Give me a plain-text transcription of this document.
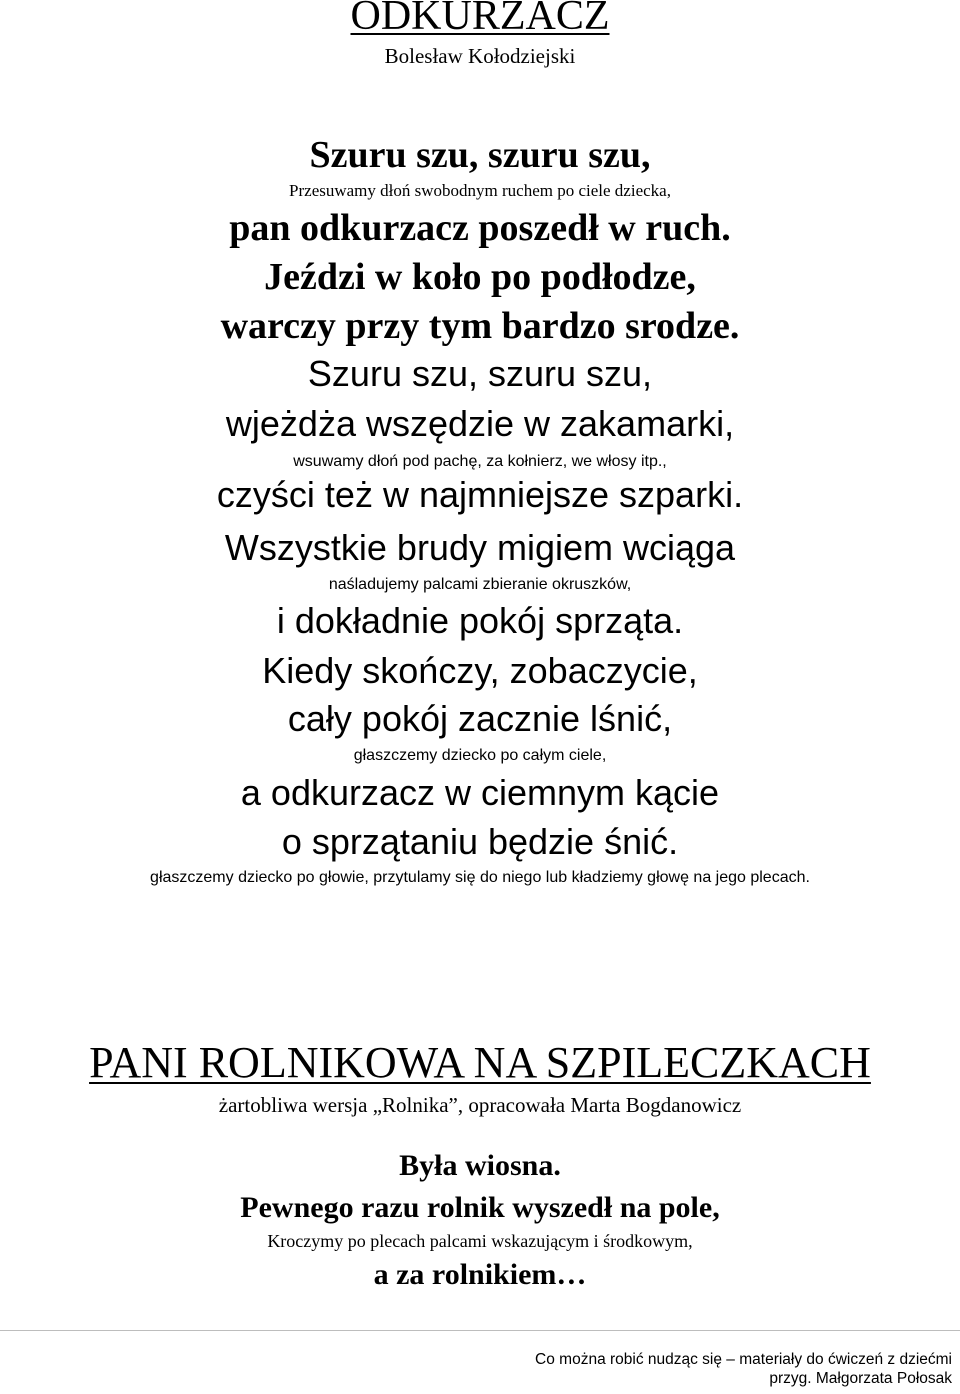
ODKURZACZ
Bolesław Kołodziejski
Szuru szu, szuru szu,
Przesuwamy dłoń swobodnym ruchem po ciele dziecka,
pan odkurzacz poszedł w ruch.
Jeździ w koło po podłodze,
warczy przy tym bardzo srodze.
Szuru szu, szuru szu,
wjeżdża wszędzie w zakamarki,
wsuwamy dłoń pod pachę, za kołnierz, we włosy itp.,
czyści też w najmniejsze szparki.
Wszystkie brudy migiem wciąga
naśladujemy palcami zbieranie okruszków,
i dokładnie pokój sprząta.
Kiedy skończy, zobaczycie,
cały pokój zacznie lśnić,
głaszczemy dziecko po całym ciele,
a odkurzacz w ciemnym kącie
o sprzątaniu będzie śnić.
głaszczemy dziecko po głowie, przytulamy się do niego lub kładziemy głowę na jego plecach.
PANI ROLNIKOWA NA SZPILECZKACH
żartobliwa wersja „Rolnika”, opracowała Marta Bogdanowicz
Była wiosna.
Pewnego razu rolnik wyszedł na pole,
Kroczymy po plecach palcami wskazującym i środkowym,
a za rolnikiem…
Co można robić nudząc się – materiały do ćwiczeń z dziećmi
przyg. Małgorzata Połosak
